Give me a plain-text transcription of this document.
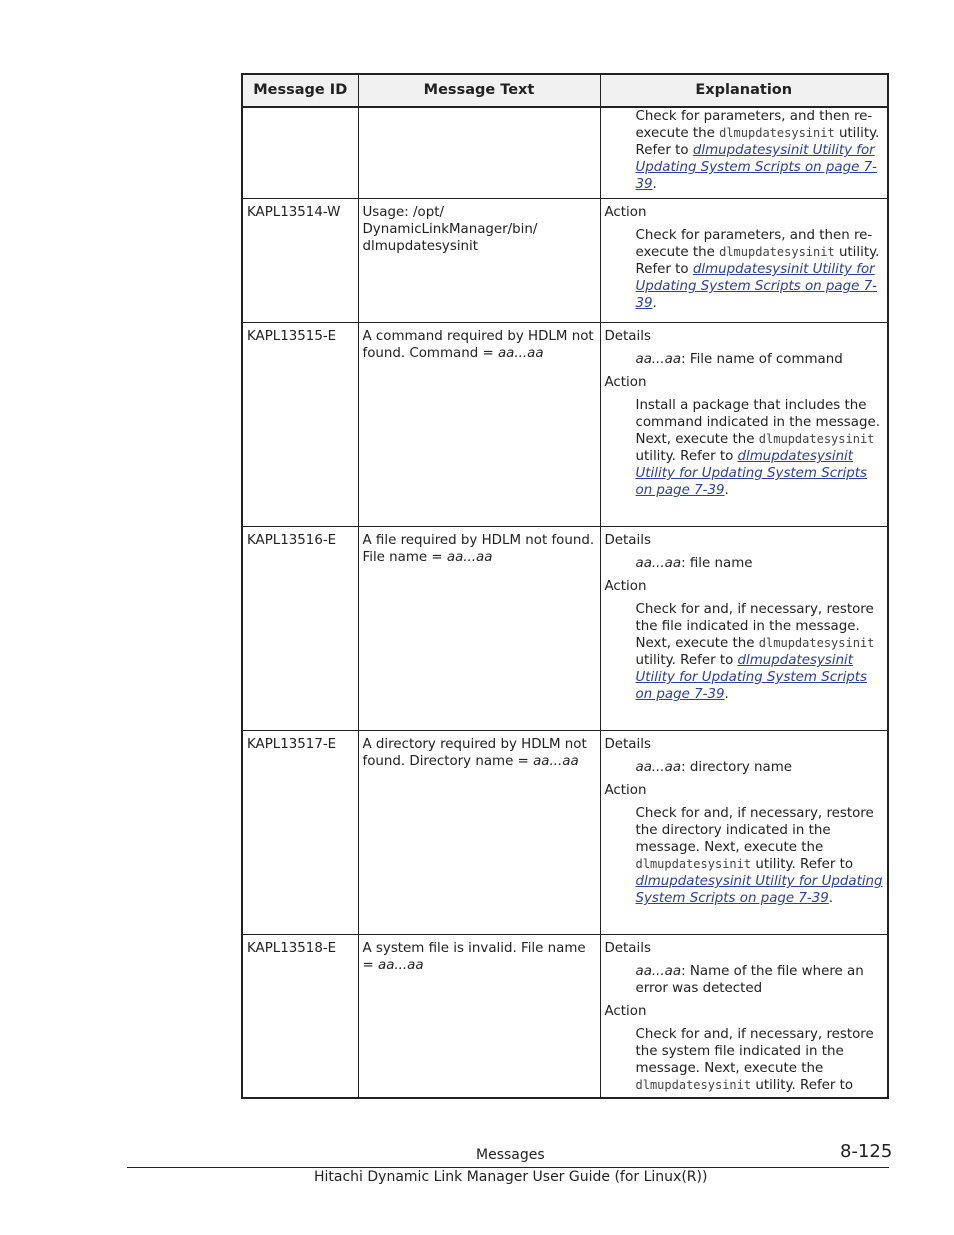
Message ID	Message Text	Explanation

		Check for parameters, and then re-execute the dlmupdatesysinit utility. Refer to dlmupdatesysinit Utility for Updating System Scripts on page 7-39.

KAPL13514-W	Usage: /opt/ DynamicLinkManager/bin/ dlmupdatesysinit	Action

Check for parameters, and then re-execute the dlmupdatesysinit utility. Refer to dlmupdatesysinit Utility for Updating System Scripts on page 7-39.

KAPL13515-E	A command required by HDLM not found. Command = aa...aa	Details

aa...aa: File name of command

Action

Install a package that includes the command indicated in the message. Next, execute the dlmupdatesysinit utility. Refer to dlmupdatesysinit Utility for Updating System Scripts on page 7-39.

KAPL13516-E	A file required by HDLM not found. File name = aa...aa	Details

aa...aa: file name

Action

Check for and, if necessary, restore the file indicated in the message. Next, execute the dlmupdatesysinit utility. Refer to dlmupdatesysinit Utility for Updating System Scripts on page 7-39.

KAPL13517-E	A directory required by HDLM not found. Directory name = aa...aa	Details

aa...aa: directory name

Action

Check for and, if necessary, restore the directory indicated in the message. Next, execute the dlmupdatesysinit utility. Refer to dlmupdatesysinit Utility for Updating System Scripts on page 7-39.

KAPL13518-E	A system file is invalid. File name = aa...aa	Details

aa...aa: Name of the file where an error was detected

Action

Check for and, if necessary, restore the system file indicated in the message. Next, execute the dlmupdatesysinit utility. Refer to

Messages	8-125
Hitachi Dynamic Link Manager User Guide (for Linux(R))
